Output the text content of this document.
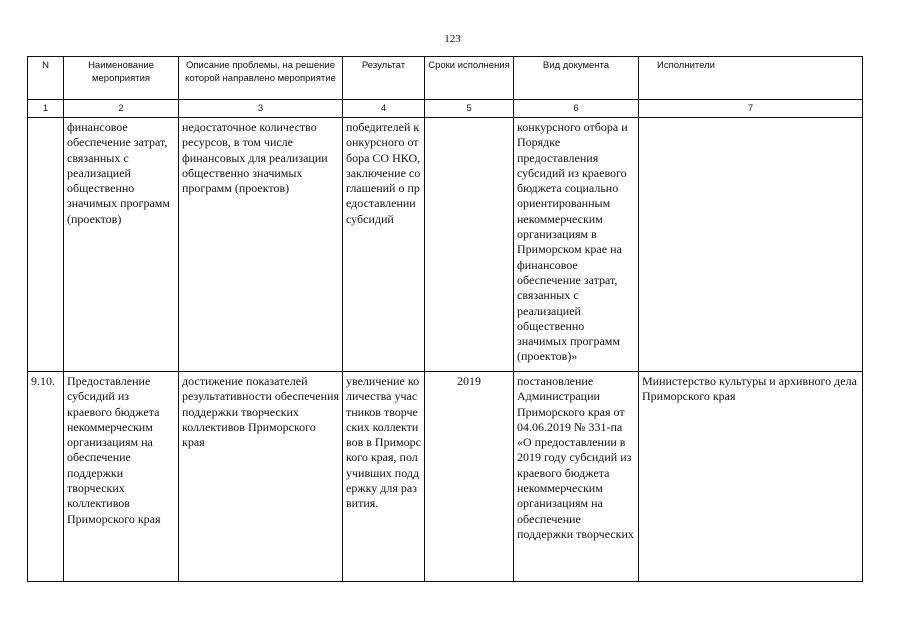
123
N	Наименование мероприятия	Описание проблемы, на решение которой направлено мероприятие	Результат	Сроки исполнения	Вид документа	Исполнители
1	2	3	4	5	6	7
	финансовое обеспечение затрат, связанных с реализацией общественно значимых программ (проектов)	недостаточное количество ресурсов, в том числе финансовых для реализации общественно значимых программ (проектов)	победителей конкурсного отбора СО НКО, заключение соглашений о предоставлении субсидий		конкурсного отбора и Порядке предоставления субсидий из краевого бюджета социально ориентированным некоммерческим организациям в Приморском крае на финансовое обеспечение затрат, связанных с реализацией общественно значимых программ (проектов)»	
9.10.	Предоставление субсидий из краевого бюджета некоммерческим организациям на обеспечение поддержки творческих коллективов Приморского края	достижение показателей результативности обеспечения поддержки творческих коллективов Приморского края	увеличение количества участников творческих коллективов в Приморского края, получивших поддержку для развития.	2019	постановление Администрации Приморского края от 04.06.2019 № 331-па «О предоставлении в 2019 году субсидий из краевого бюджета некоммерческим организациям на обеспечение поддержки творческих	Министерство культуры и архивного дела Приморского края
